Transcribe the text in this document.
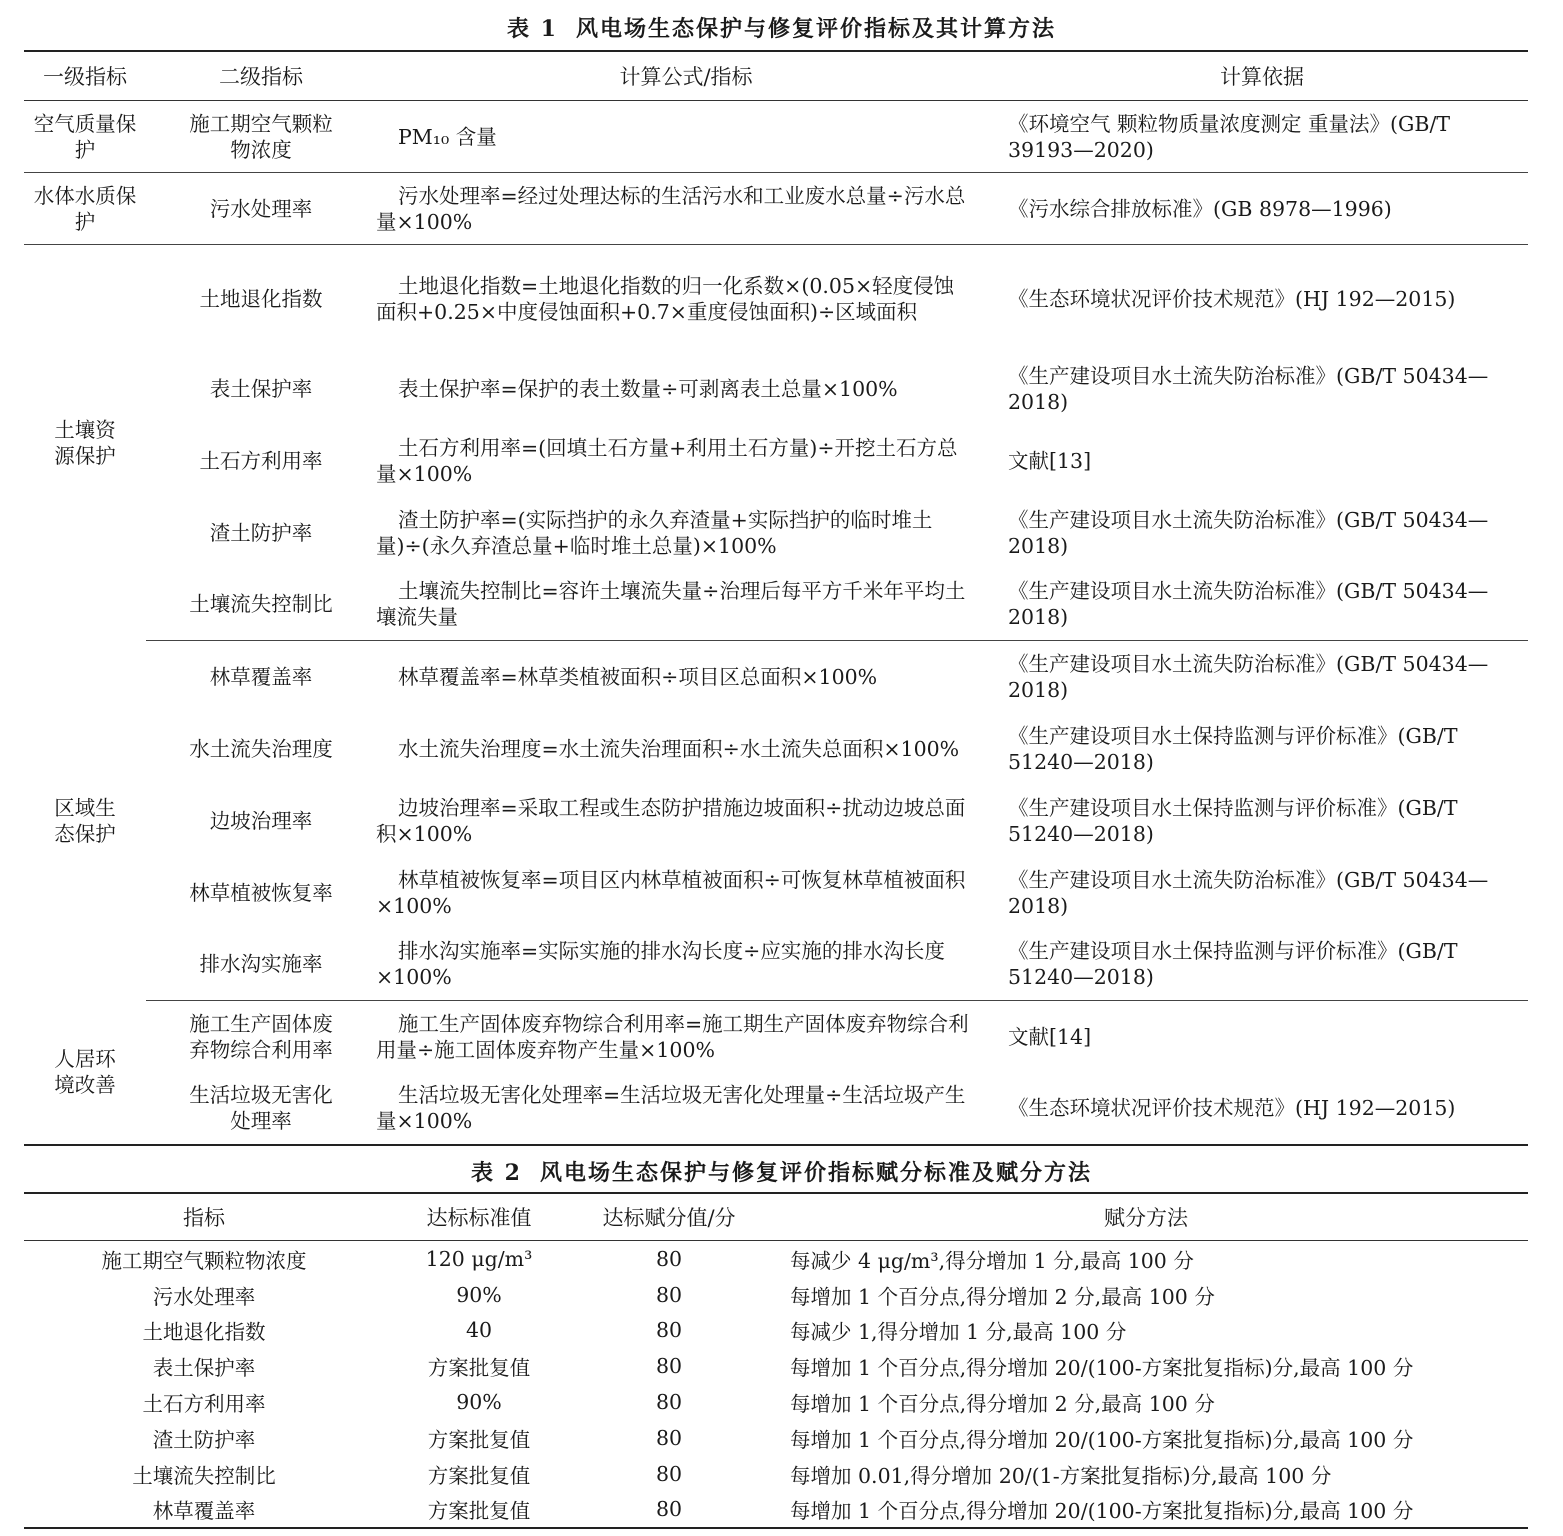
表 1 风电场生态保护与修复评价指标及其计算方法
一级指标	二级指标	计算公式/指标	计算依据
空气质量保护	施工期空气颗粒物浓度	PM₁₀ 含量	《环境空气 颗粒物质量浓度测定 重量法》(GB/T 39193—2020)
水体水质保护	污水处理率	污水处理率=经过处理达标的生活污水和工业废水总量÷污水总量×100%	《污水综合排放标准》(GB 8978—1996)
土壤资源保护	土地退化指数	土地退化指数=土地退化指数的归一化系数×(0.05×轻度侵蚀面积+0.25×中度侵蚀面积+0.7×重度侵蚀面积)÷区域面积	《生态环境状况评价技术规范》(HJ 192—2015)
	表土保护率	表土保护率=保护的表土数量÷可剥离表土总量×100%	《生产建设项目水土流失防治标准》(GB/T 50434—2018)
	土石方利用率	土石方利用率=(回填土石方量+利用土石方量)÷开挖土石方总量×100%	文献[13]
	渣土防护率	渣土防护率=(实际挡护的永久弃渣量+实际挡护的临时堆土量)÷(永久弃渣总量+临时堆土总量)×100%	《生产建设项目水土流失防治标准》(GB/T 50434—2018)
	土壤流失控制比	土壤流失控制比=容许土壤流失量÷治理后每平方千米年平均土壤流失量	《生产建设项目水土流失防治标准》(GB/T 50434—2018)
区域生态保护	林草覆盖率	林草覆盖率=林草类植被面积÷项目区总面积×100%	《生产建设项目水土流失防治标准》(GB/T 50434—2018)
	水土流失治理度	水土流失治理度=水土流失治理面积÷水土流失总面积×100%	《生产建设项目水土保持监测与评价标准》(GB/T 51240—2018)
	边坡治理率	边坡治理率=采取工程或生态防护措施边坡面积÷扰动边坡总面积×100%	《生产建设项目水土保持监测与评价标准》(GB/T 51240—2018)
	林草植被恢复率	林草植被恢复率=项目区内林草植被面积÷可恢复林草植被面积×100%	《生产建设项目水土流失防治标准》(GB/T 50434—2018)
	排水沟实施率	排水沟实施率=实际实施的排水沟长度÷应实施的排水沟长度×100%	《生产建设项目水土保持监测与评价标准》(GB/T 51240—2018)
人居环境改善	施工生产固体废弃物综合利用率	施工生产固体废弃物综合利用率=施工期生产固体废弃物综合利用量÷施工固体废弃物产生量×100%	文献[14]
	生活垃圾无害化处理率	生活垃圾无害化处理率=生活垃圾无害化处理量÷生活垃圾产生量×100%	《生态环境状况评价技术规范》(HJ 192—2015)
表 2 风电场生态保护与修复评价指标赋分标准及赋分方法
指标	达标标准值	达标赋分值/分	赋分方法
施工期空气颗粒物浓度	120 μg/m³	80	每减少 4 μg/m³,得分增加 1 分,最高 100 分
污水处理率	90%	80	每增加 1 个百分点,得分增加 2 分,最高 100 分
土地退化指数	40	80	每减少 1,得分增加 1 分,最高 100 分
表土保护率	方案批复值	80	每增加 1 个百分点,得分增加 20/(100-方案批复指标)分,最高 100 分
土石方利用率	90%	80	每增加 1 个百分点,得分增加 2 分,最高 100 分
渣土防护率	方案批复值	80	每增加 1 个百分点,得分增加 20/(100-方案批复指标)分,最高 100 分
土壤流失控制比	方案批复值	80	每增加 0.01,得分增加 20/(1-方案批复指标)分,最高 100 分
林草覆盖率	方案批复值	80	每增加 1 个百分点,得分增加 20/(100-方案批复指标)分,最高 100 分
